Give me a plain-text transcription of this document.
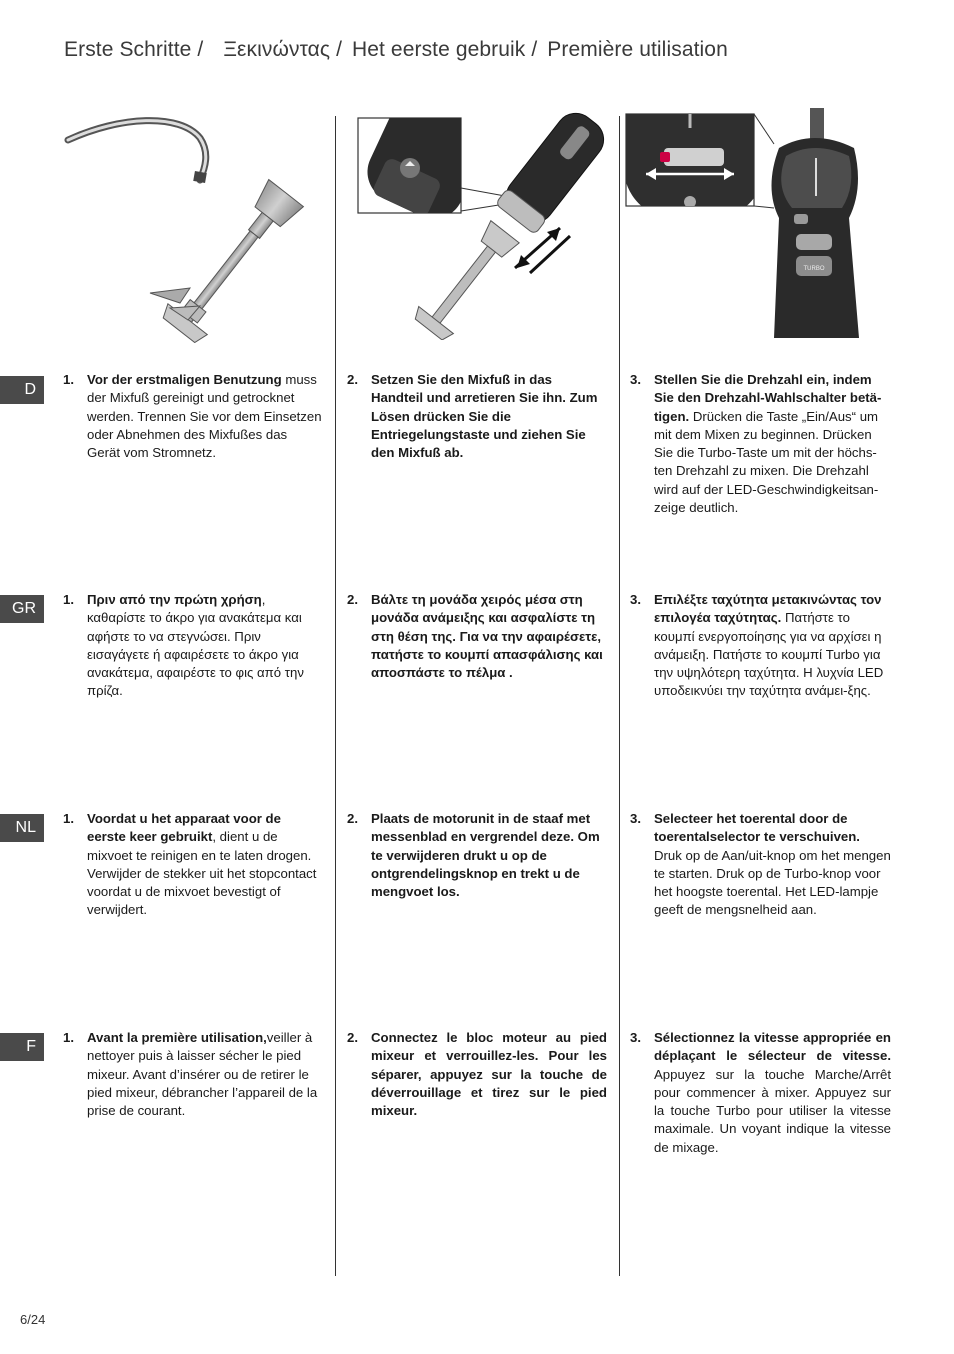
Erste Schritte / Ξεκινώντας / Het eerste gebruik / Première utilisation
TURBO
D
GR
NL
F
1. Vor der erstmaligen Benutzung muss der Mixfuß gereinigt und getrocknet werden. Trennen Sie vor dem Einsetzen oder Abnehmen des Mixfußes das Gerät vom Stromnetz.
2. Setzen Sie den Mixfuß in das Handteil und arretieren Sie ihn. Zum Lösen drücken Sie die Entriegelungstaste und ziehen Sie den Mixfuß ab.
3. Stellen Sie die Drehzahl ein, indem Sie den Drehzahl-Wahlschalter betä-tigen. Drücken die Taste „Ein/Aus“ um mit dem Mixen zu beginnen. Drücken Sie die Turbo-Taste um mit der höchs-ten Drehzahl zu mixen. Die Drehzahl wird auf der LED-Geschwindigkeitsan-zeige deutlich.
1. Πριν από την πρώτη χρήση, καθαρίστε το άκρο για ανακάτεμα και αφήστε το να στεγνώσει. Πριν εισαγάγετε ή αφαιρέσετε το άκρο για ανακάτεμα, αφαιρέστε το φις από την πρίζα.
2. Βάλτε τη μονάδα χειρός μέσα στη μονάδα ανάμειξης και ασφαλίστε τη στη θέση της. Για να την αφαιρέσετε, πατήστε το κουμπί απασφάλισης και αποσπάστε το πέλμα .
3. Επιλέξτε ταχύτητα μετακινώντας τον επιλογέα ταχύτητας. Πατήστε το κουμπί ενεργοποίησης για να αρχίσει η ανάμειξη. Πατήστε το κουμπί Turbo για την υψηλότερη ταχύτητα. Η λυχνία LED υποδεικνύει την ταχύτητα ανάμει-ξης.
1. Voordat u het apparaat voor de eerste keer gebruikt, dient u de mixvoet te reinigen en te laten drogen. Verwijder de stekker uit het stopcontact voordat u de mixvoet bevestigt of verwijdert.
2. Plaats de motorunit in de staaf met messenblad en vergrendel deze. Om te verwijderen drukt u op de ontgrendelingsknop en trekt u de mengvoet los.
3. Selecteer het toerental door de toerentalselector te verschuiven. Druk op de Aan/uit-knop om het mengen te starten. Druk op de Turbo-knop voor het hoogste toerental. Het LED-lampje geeft de mengsnelheid aan.
1. Avant la première utilisation,veiller à nettoyer puis à laisser sécher le pied mixeur. Avant d’insérer ou de retirer le pied mixeur, débrancher l’appareil de la prise de courant.
2. Connectez le bloc moteur au pied mixeur et verrouillez-les. Pour les séparer, appuyez sur la touche de déverrouillage et tirez sur le pied mixeur.
3. Sélectionnez la vitesse appropriée en déplaçant le sélecteur de vitesse. Appuyez sur la touche Marche/Arrêt pour commencer à mixer. Appuyez sur la touche Turbo pour utiliser la vitesse maximale. Un voyant indique la vitesse de mixage.
6/24
